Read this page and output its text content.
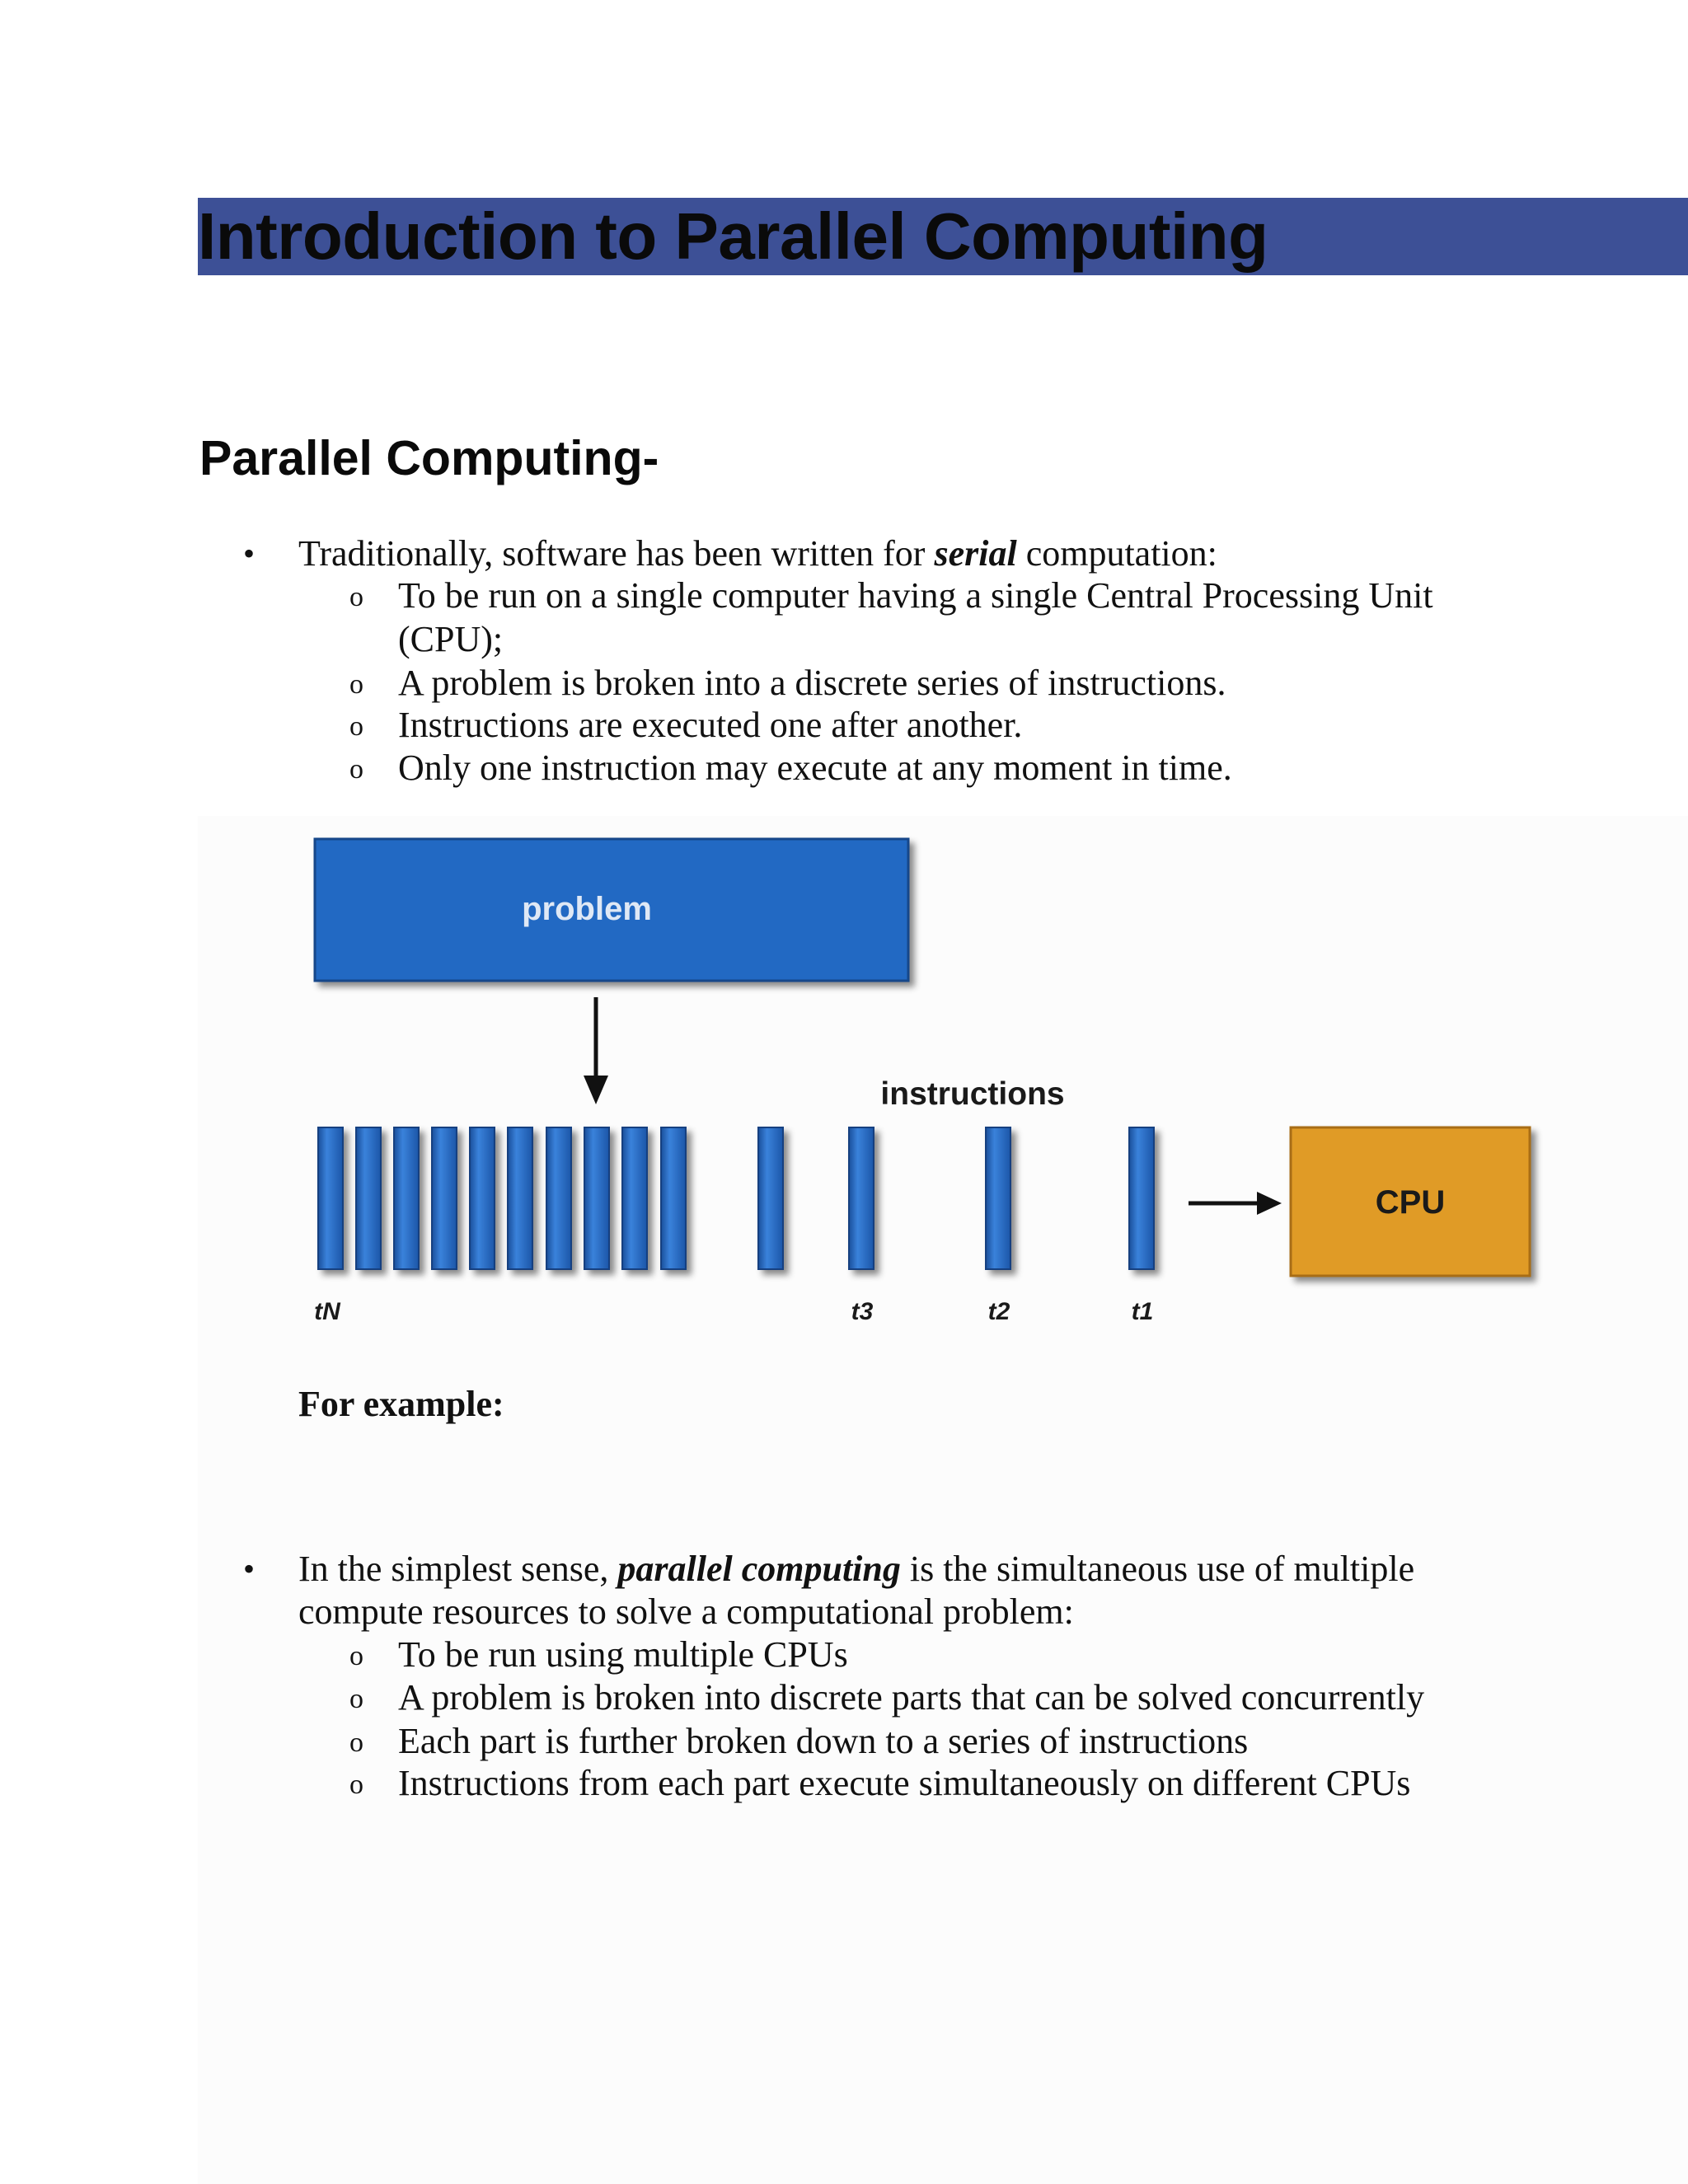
Introduction to Parallel Computing
Parallel Computing-
• Traditionally, software has been written for serial computation:
o To be run on a single computer having a single Central Processing Unit
(CPU);
o A problem is broken into a discrete series of instructions.
o Instructions are executed one after another.
o Only one instruction may execute at any moment in time.
problem
instructions
CPU
tN	t3	t2	t1
For example:
• In the simplest sense, parallel computing is the simultaneous use of multiple
compute resources to solve a computational problem:
o To be run using multiple CPUs
o A problem is broken into discrete parts that can be solved concurrently
o Each part is further broken down to a series of instructions
o Instructions from each part execute simultaneously on different CPUs
